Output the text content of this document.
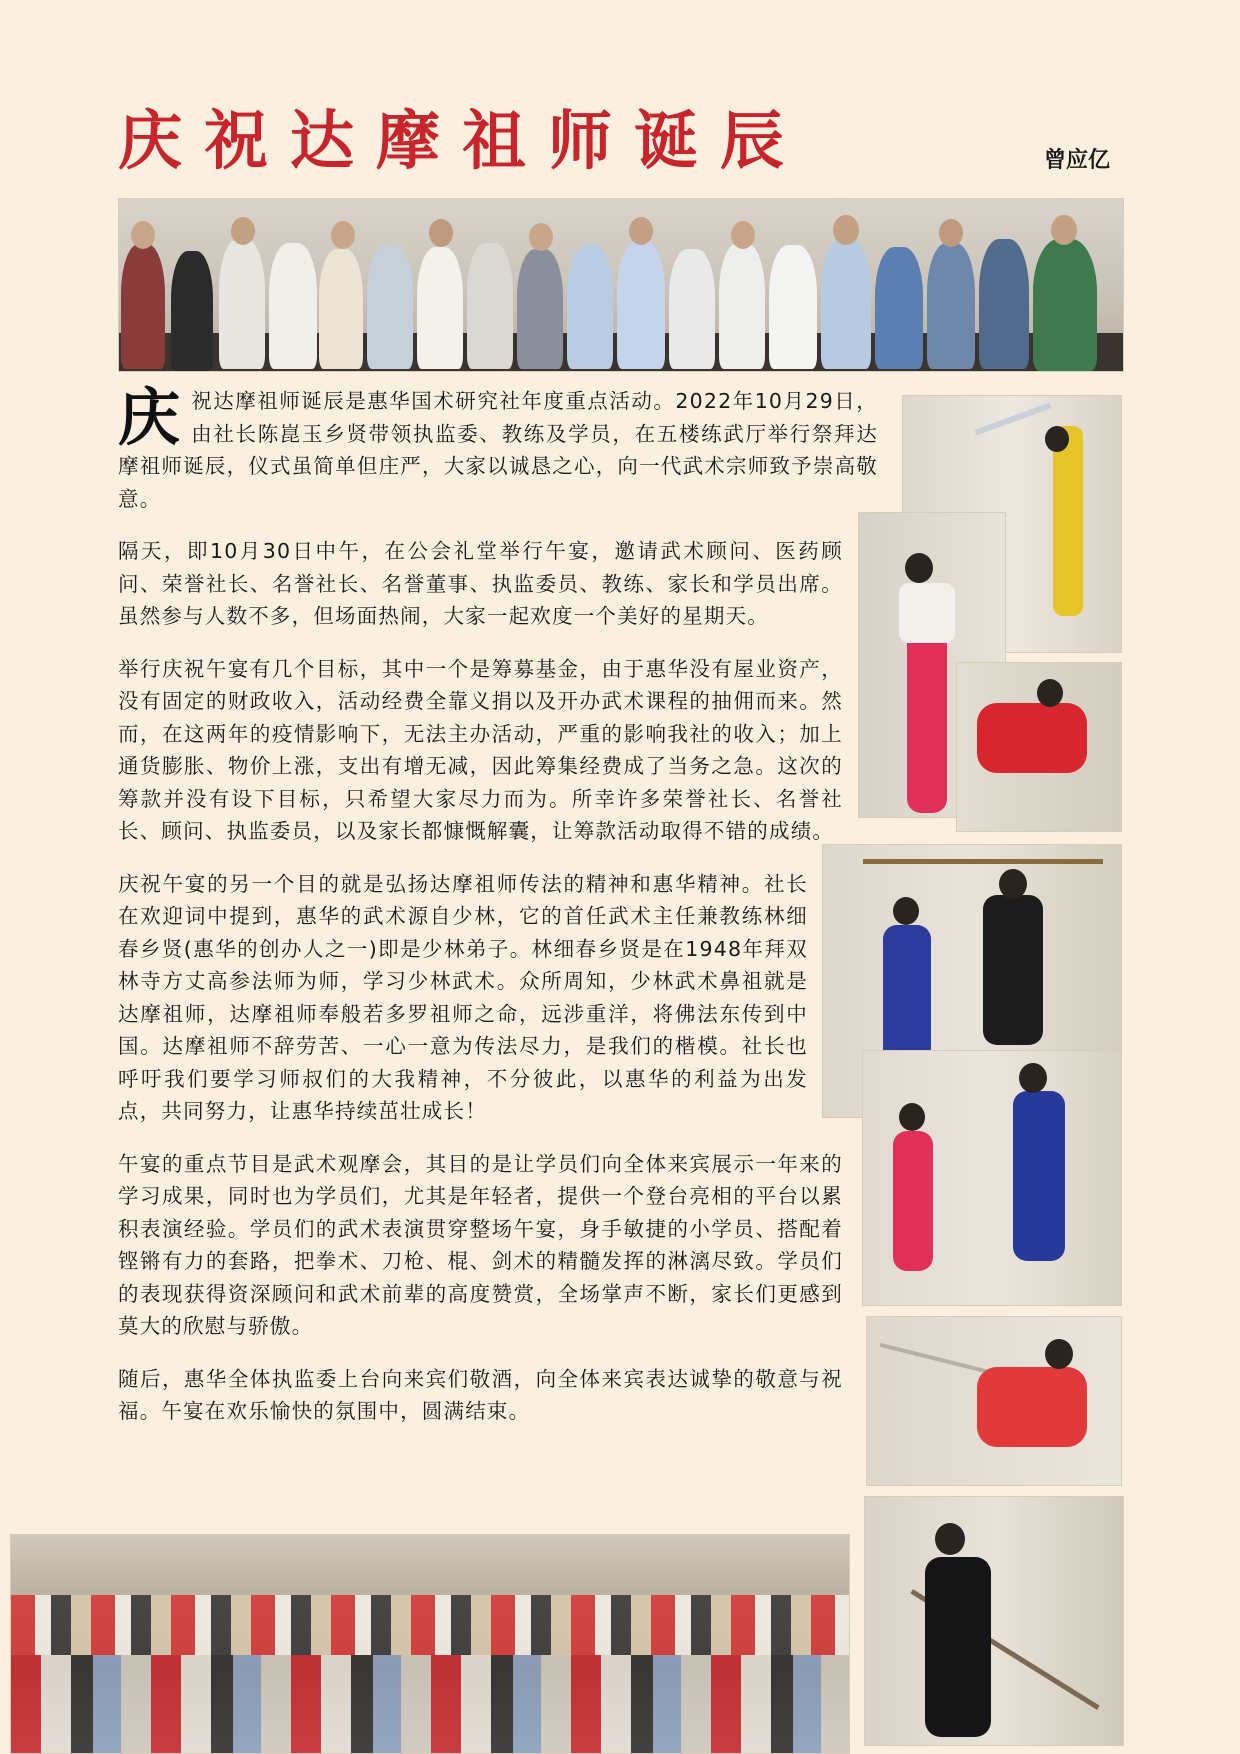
庆祝达摩祖师诞辰	曾应亿

庆祝达摩祖师诞辰是惠华国术研究社年度重点活动。2022年10月29日，由社长陈崑玉乡贤带领执监委、教练及学员，在五楼练武厅举行祭拜达摩祖师诞辰，仪式虽简单但庄严，大家以诚恳之心，向一代武术宗师致予崇高敬意。

隔天，即10月30日中午，在公会礼堂举行午宴，邀请武术顾问、医药顾问、荣誉社长、名誉社长、名誉董事、执监委员、教练、家长和学员出席。虽然参与人数不多，但场面热闹，大家一起欢度一个美好的星期天。

举行庆祝午宴有几个目标，其中一个是筹募基金，由于惠华没有屋业资产，没有固定的财政收入，活动经费全靠义捐以及开办武术课程的抽佣而来。然而，在这两年的疫情影响下，无法主办活动，严重的影响我社的收入；加上通货膨胀、物价上涨，支出有增无减，因此筹集经费成了当务之急。这次的筹款并没有设下目标，只希望大家尽力而为。所幸许多荣誉社长、名誉社长、顾问、执监委员，以及家长都慷慨解囊，让筹款活动取得不错的成绩。

庆祝午宴的另一个目的就是弘扬达摩祖师传法的精神和惠华精神。社长在欢迎词中提到，惠华的武术源自少林，它的首任武术主任兼教练林细春乡贤(惠华的创办人之一)即是少林弟子。林细春乡贤是在1948年拜双林寺方丈高参法师为师，学习少林武术。众所周知，少林武术鼻祖就是达摩祖师，达摩祖师奉般若多罗祖师之命，远涉重洋，将佛法东传到中国。达摩祖师不辞劳苦、一心一意为传法尽力，是我们的楷模。社长也呼吁我们要学习师叔们的大我精神，不分彼此，以惠华的利益为出发点，共同努力，让惠华持续茁壮成长！

午宴的重点节目是武术观摩会，其目的是让学员们向全体来宾展示一年来的学习成果，同时也为学员们，尤其是年轻者，提供一个登台亮相的平台以累积表演经验。学员们的武术表演贯穿整场午宴，身手敏捷的小学员、搭配着铿锵有力的套路，把拳术、刀枪、棍、剑术的精髓发挥的淋漓尽致。学员们的表现获得资深顾问和武术前辈的高度赞赏，全场掌声不断，家长们更感到莫大的欣慰与骄傲。

随后，惠华全体执监委上台向来宾们敬酒，向全体来宾表达诚挚的敬意与祝福。午宴在欢乐愉快的氛围中，圆满结束。
